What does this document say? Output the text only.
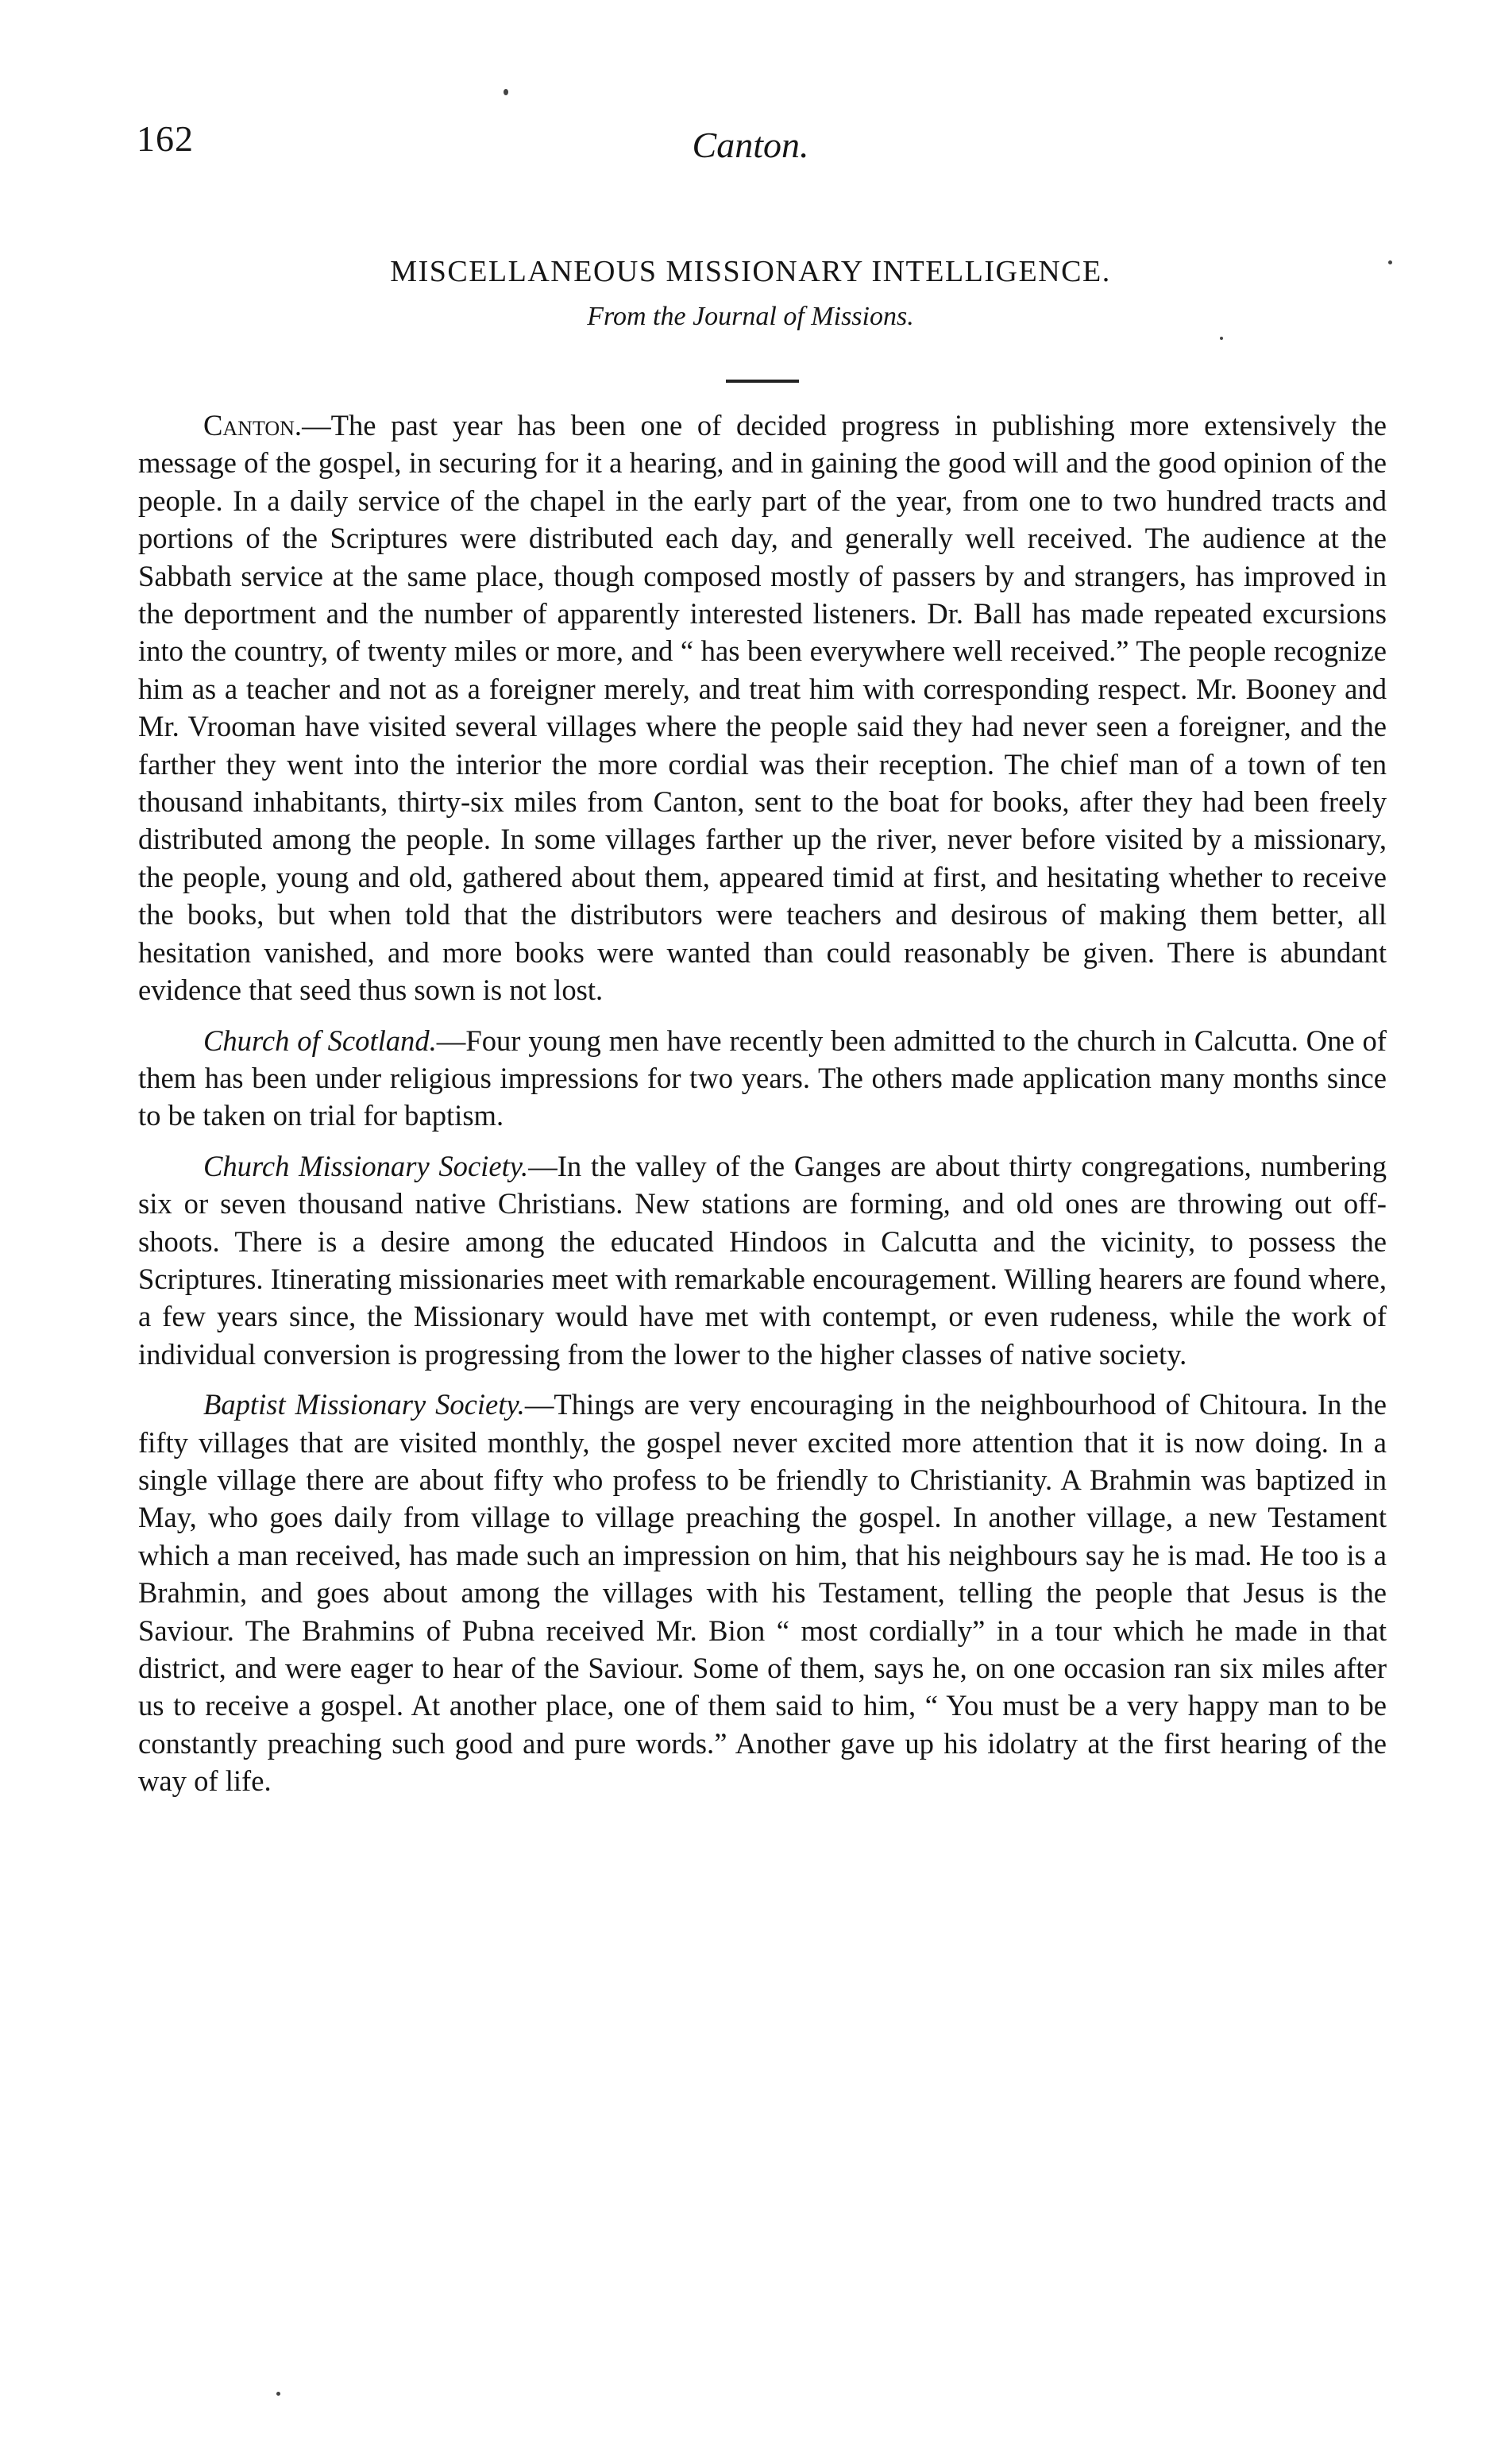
162	Canton.
MISCELLANEOUS MISSIONARY INTELLIGENCE.
From the Journal of Missions.

Canton.—The past year has been one of decided progress in publishing more extensively the message of the gospel, in securing for it a hearing, and in gaining the good will and the good opinion of the people. In a daily service of the chapel in the early part of the year, from one to two hundred tracts and portions of the Scriptures were distributed each day, and generally well received. The audience at the Sabbath service at the same place, though composed mostly of passers by and strangers, has improved in the deportment and the number of apparently interested listeners. Dr. Ball has made repeated excursions into the country, of twenty miles or more, and “ has been everywhere well received.” The people recognize him as a teacher and not as a foreigner merely, and treat him with corresponding respect. Mr. Booney and Mr. Vrooman have visited several villages where the people said they had never seen a foreigner, and the farther they went into the interior the more cordial was their reception. The chief man of a town of ten thousand inhabitants, thirty-six miles from Canton, sent to the boat for books, after they had been freely distributed among the people. In some villages farther up the river, never before visited by a missionary, the people, young and old, gathered about them, appeared timid at first, and hesitating whether to receive the books, but when told that the distributors were teachers and desirous of making them better, all hesitation vanished, and more books were wanted than could reasonably be given. There is abundant evidence that seed thus sown is not lost.

Church of Scotland.—Four young men have recently been admitted to the church in Calcutta. One of them has been under religious impressions for two years. The others made application many months since to be taken on trial for baptism.

Church Missionary Society.—In the valley of the Ganges are about thirty congregations, numbering six or seven thousand native Christians. New stations are forming, and old ones are throwing out off-shoots. There is a desire among the educated Hindoos in Calcutta and the vicinity, to possess the Scriptures. Itinerating missionaries meet with remarkable encouragement. Willing hearers are found where, a few years since, the Missionary would have met with contempt, or even rudeness, while the work of individual conversion is progressing from the lower to the higher classes of native society.

Baptist Missionary Society.—Things are very encouraging in the neighbourhood of Chitoura. In the fifty villages that are visited monthly, the gospel never excited more attention that it is now doing. In a single village there are about fifty who profess to be friendly to Christianity. A Brahmin was baptized in May, who goes daily from village to village preaching the gospel. In another village, a new Testament which a man received, has made such an impression on him, that his neighbours say he is mad. He too is a Brahmin, and goes about among the villages with his Testament, telling the people that Jesus is the Saviour. The Brahmins of Pubna received Mr. Bion “ most cordially” in a tour which he made in that district, and were eager to hear of the Saviour. Some of them, says he, on one occasion ran six miles after us to receive a gospel. At another place, one of them said to him, “ You must be a very happy man to be constantly preaching such good and pure words.” Another gave up his idolatry at the first hearing of the way of life.
